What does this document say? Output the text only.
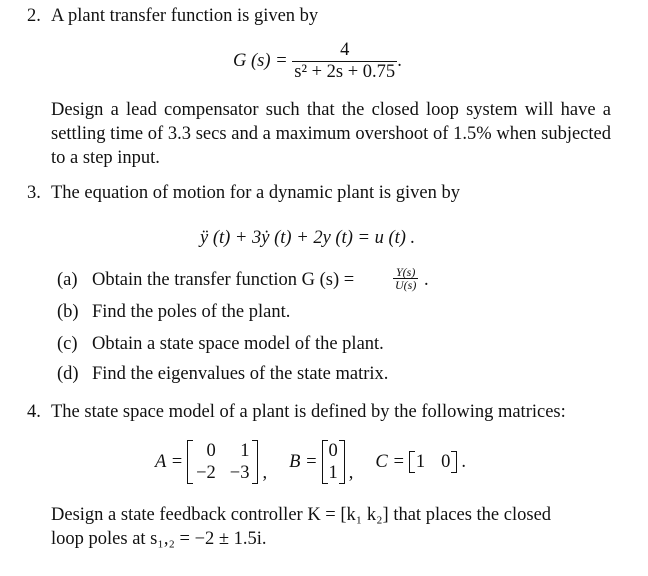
2. A plant transfer function is given by
G $(s) = \frac{4}{\text{s² + 2s + 0.75}}$ .
Design a lead compensator such that the closed loop system will have a settling time of 3.3 secs and a maximum overshoot of 1.5% when subjected to a step input.
3. The equation of motion for a dynamic plant is given by
ÿ (t) + 3ẏ (t) + 2y (t) = u (t) .
(a) Obtain the transfer function G (s) =	$\frac{Y(s)}{U(s)}$ .
(b) Find the poles of the plant.
(c) Obtain a state space model of the plant.
(d) Find the eigenvalues of the state matrix.
4. The state space model of a plant is defined by the following matrices:
A =
0	1
−2 −3 ,
B =
0
1 ,
C = 1 0 .
Design a state feedback controller K = [k₁ k₂] that places the closed
loop poles at s₁,₂ = −2 ± 1.5i.
